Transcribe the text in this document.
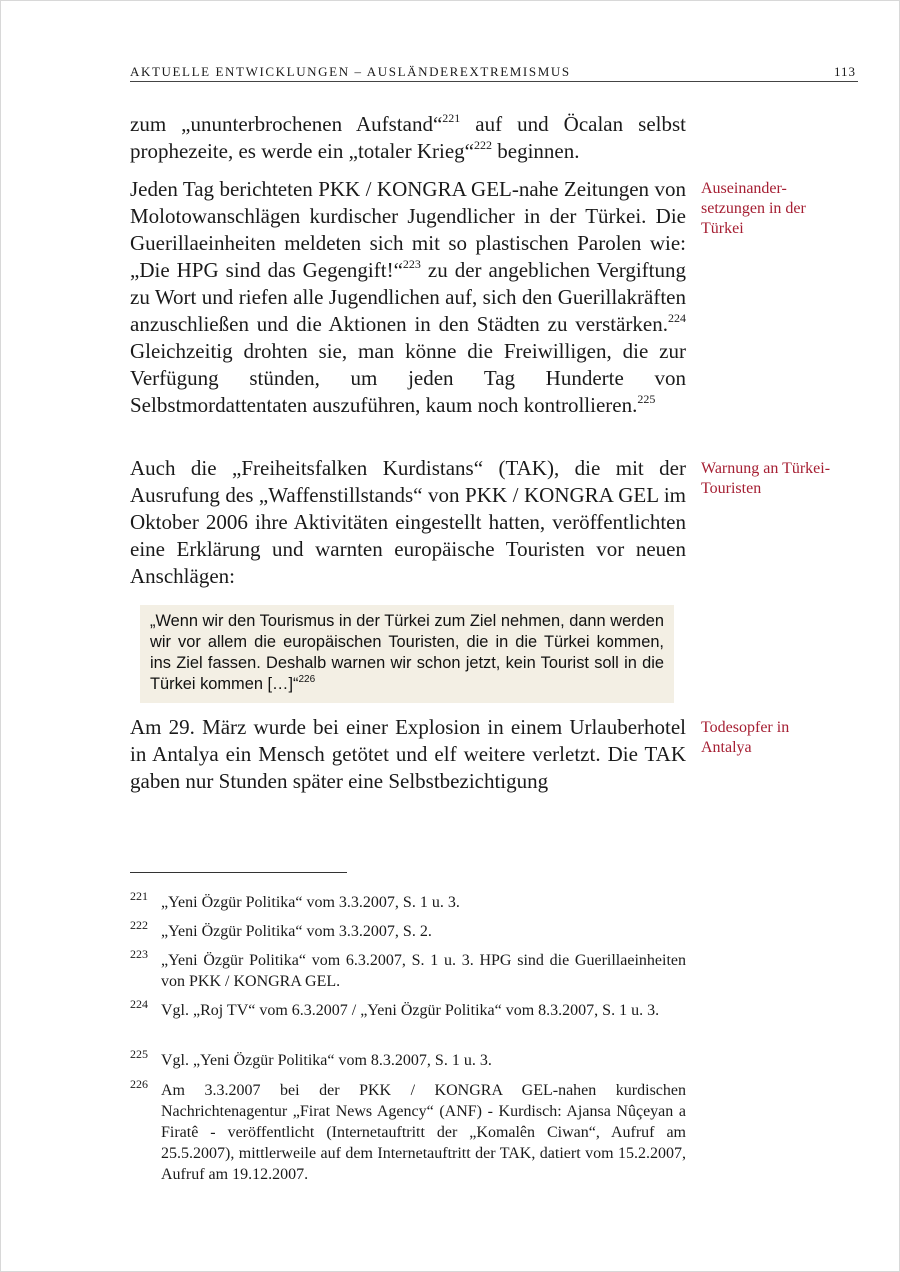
AKTUELLE ENTWICKLUNGEN – AUSLÄNDEREXTREMISMUS	113

zum „ununterbrochenen Aufstand“$^{221}$ auf und Öcalan selbst prophezeite, es werde ein „totaler Krieg“$^{222}$ beginnen.

Jeden Tag berichteten PKK / KONGRA GEL-nahe Zeitungen von Molotowanschlägen kurdischer Jugendlicher in der Türkei. Die Guerillaeinheiten meldeten sich mit so plastischen Parolen wie: „Die HPG sind das Gegengift!“$^{223}$ zu der angeblichen Vergiftung zu Wort und riefen alle Jugendlichen auf, sich den Guerillakräften anzuschließen und die Aktionen in den Städten zu verstärken.$^{224}$ Gleichzeitig drohten sie, man könne die Freiwilligen, die zur Verfügung stünden, um jeden Tag Hunderte von Selbstmordattentaten auszuführen, kaum noch kontrollieren.$^{225}$

Auch die „Freiheitsfalken Kurdistans“ (TAK), die mit der Ausrufung des „Waffenstillstands“ von PKK / KONGRA GEL im Oktober 2006 ihre Aktivitäten eingestellt hatten, veröffentlichten eine Erklärung und warnten europäische Touristen vor neuen Anschlägen:

„Wenn wir den Tourismus in der Türkei zum Ziel nehmen, dann werden wir vor allem die europäischen Touristen, die in die Türkei kommen, ins Ziel fassen. Deshalb warnen wir schon jetzt, kein Tourist soll in die Türkei kommen […]“$^{226}$

Am 29. März wurde bei einer Explosion in einem Urlauberhotel in Antalya ein Mensch getötet und elf weitere verletzt. Die TAK gaben nur Stunden später eine Selbstbezichtigung

Auseinander-setzungen in der Türkei
Warnung an Türkei-Touristen
Todesopfer in Antalya
221 „Yeni Özgür Politika“ vom 3.3.2007, S. 1 u. 3.
222 „Yeni Özgür Politika“ vom 3.3.2007, S. 2.
223 „Yeni Özgür Politika“ vom 6.3.2007, S. 1 u. 3. HPG sind die Guerillaeinheiten von PKK / KONGRA GEL.
224 Vgl. „Roj TV“ vom 6.3.2007 / „Yeni Özgür Politika“ vom 8.3.2007, S. 1 u. 3.
225 Vgl. „Yeni Özgür Politika“ vom 8.3.2007, S. 1 u. 3.
226 Am 3.3.2007 bei der PKK / KONGRA GEL-nahen kurdischen Nachrichtenagentur „Firat News Agency“ (ANF) - Kurdisch: Ajansa Nûçeyan a Firatê - veröffentlicht (Internetauftritt der „Komalên Ciwan“, Aufruf am 25.5.2007), mittlerweile auf dem Internetauftritt der TAK, datiert vom 15.2.2007, Aufruf am 19.12.2007.
